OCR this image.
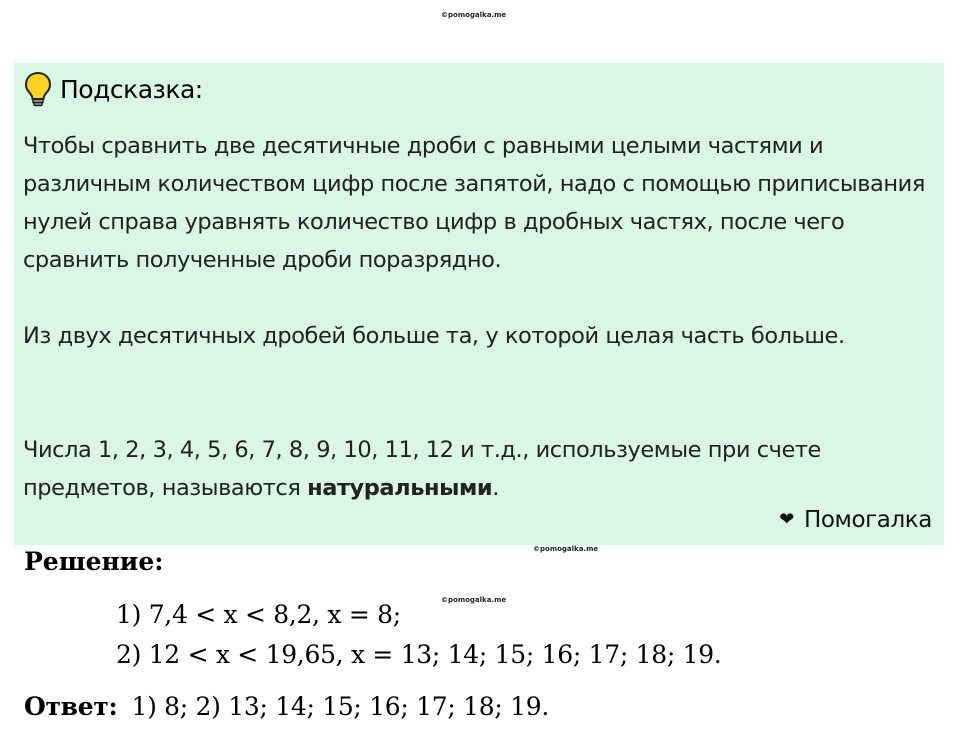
©pomogalka.me
Подсказка:

Чтобы сравнить две десятичные дроби с равными целыми частями и различным количеством цифр после запятой, надо с помощью приписывания нулей справа уравнять количество цифр в дробных частях, после чего сравнить полученные дроби поразрядно.

Из двух десятичных дробей больше та, у которой целая часть больше.

Числа 1, 2, 3, 4, 5, 6, 7, 8, 9, 10, 11, 12 и т.д., используемые при счете предметов, называются натуральными.

❤ Помогалка
©pomogalka.me
Решение:
1) 7,4 < x < 8,2, x = 8;	©pomogalka.me
2) 12 < x < 19,65, x = 13; 14; 15; 16; 17; 18; 19.
Ответ: 1) 8; 2) 13; 14; 15; 16; 17; 18; 19.
